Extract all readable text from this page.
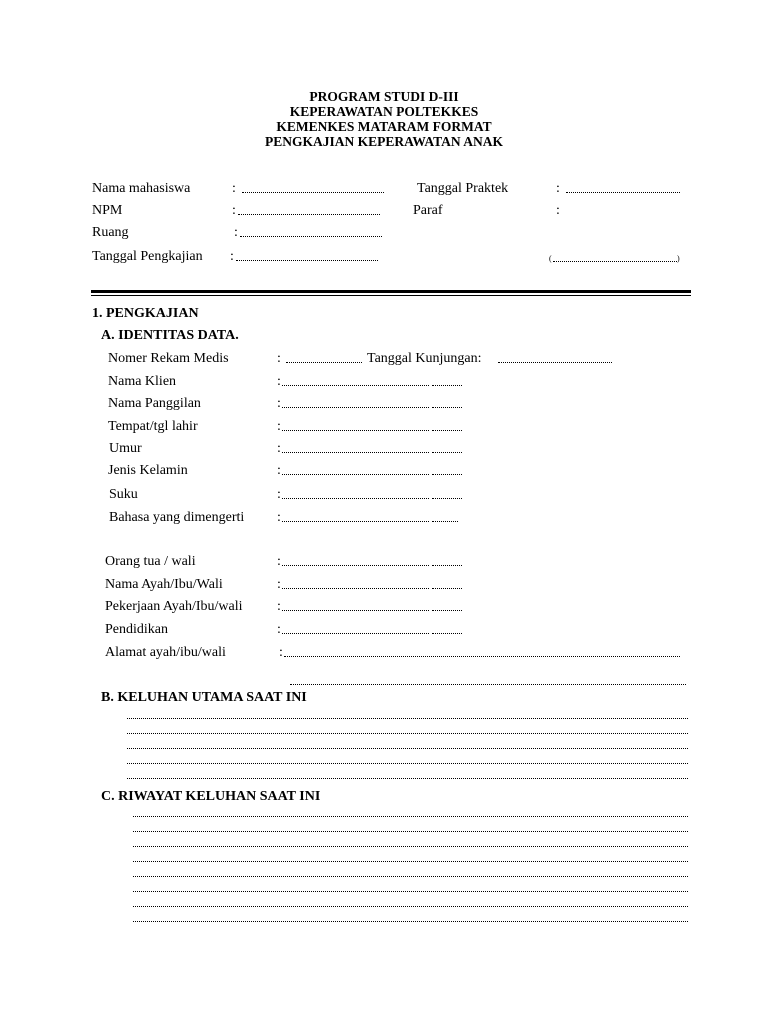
PROGRAM STUDI D-III
KEPERAWATAN POLTEKKES
KEMENKES MATARAM FORMAT
PENGKAJIAN KEPERAWATAN ANAK
Nama mahasiswa	:	Tanggal Praktek	:
NPM	:	Paraf	:
Ruang	:
Tanggal Pengkajian :	(	)
1. PENGKAJIAN
A. IDENTITAS DATA.
Nomer Rekam Medis	:	Tanggal Kunjungan:
Nama Klien	:
Nama Panggilan	:
Tempat/tgl lahir	:
Umur	:
Jenis Kelamin	:
Suku	:
Bahasa yang dimengerti :
Orang tua / wali	:
Nama Ayah/Ibu/Wali	:
Pekerjaan Ayah/Ibu/wali :
Pendidikan	:
Alamat ayah/ibu/wali	:
B. KELUHAN UTAMA SAAT INI
C. RIWAYAT KELUHAN SAAT INI
